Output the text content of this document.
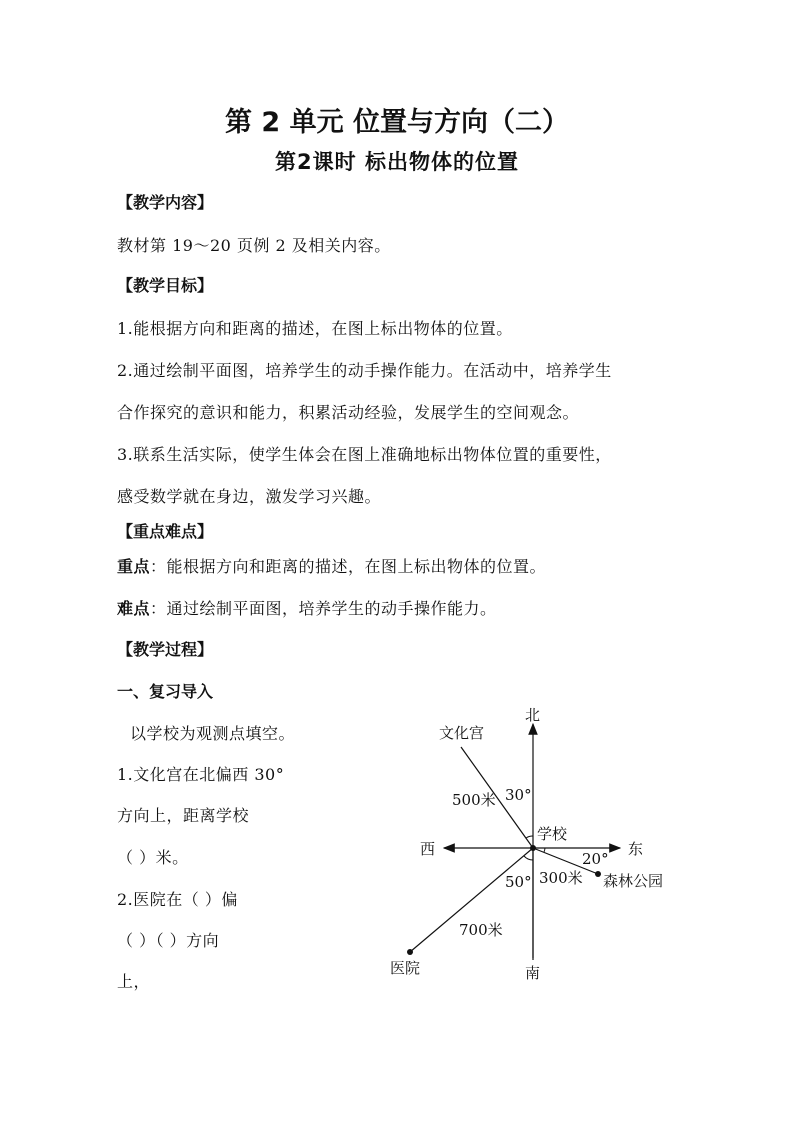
第 2 单元 位置与方向（二）
第2课时 标出物体的位置
【教学内容】
教材第 19～20 页例 2 及相关内容。
【教学目标】
1.能根据方向和距离的描述，在图上标出物体的位置。
2.通过绘制平面图，培养学生的动手操作能力。在活动中，培养学生
合作探究的意识和能力，积累活动经验，发展学生的空间观念。
3.联系生活实际，使学生体会在图上准确地标出物体位置的重要性，
感受数学就在身边，激发学习兴趣。
【重点难点】
重点：能根据方向和距离的描述，在图上标出物体的位置。
难点：通过绘制平面图，培养学生的动手操作能力。
【教学过程】
一、复习导入
以学校为观测点填空。
1.文化宫在北偏西 30°
方向上，距离学校
（ ）米。
2.医院在（ ）偏
（ ）（ ）方向
上，
北
南
东
西
学校
文化宫
医院
森林公园
500米
700米
300米
30°
50°
20°
